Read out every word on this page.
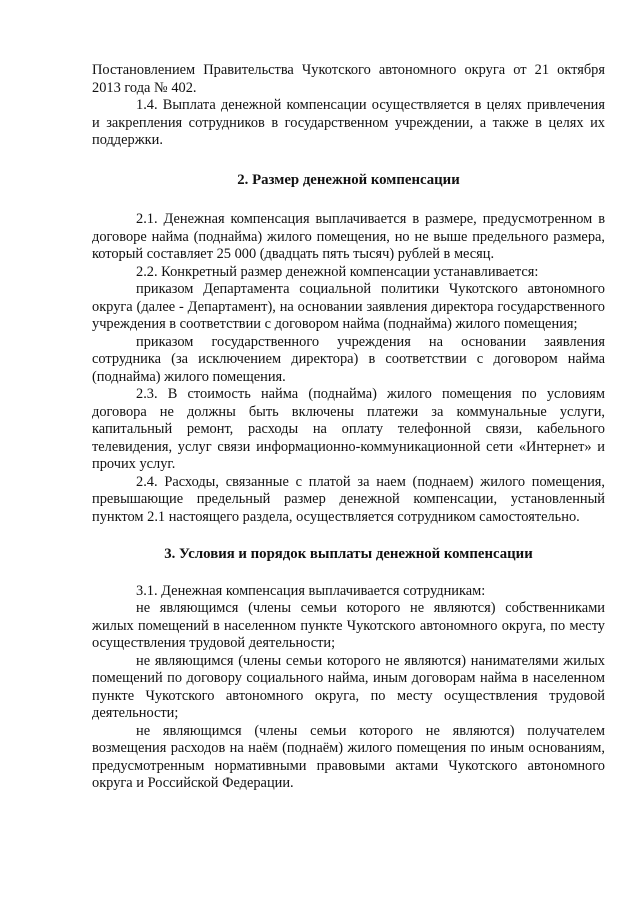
Постановлением Правительства Чукотского автономного округа от 21 октября 2013 года № 402.

1.4. Выплата денежной компенсации осуществляется в целях привлечения и закрепления сотрудников в государственном учреждении, а также в целях их поддержки.

2. Размер денежной компенсации

2.1. Денежная компенсация выплачивается в размере, предусмотренном в договоре найма (поднайма) жилого помещения, но не выше предельного размера, который составляет 25 000 (двадцать пять тысяч) рублей в месяц.

2.2. Конкретный размер денежной компенсации устанавливается:

приказом Департамента социальной политики Чукотского автономного округа (далее - Департамент), на основании заявления директора государственного учреждения в соответствии с договором найма (поднайма) жилого помещения;

приказом государственного учреждения на основании заявления сотрудника (за исключением директора) в соответствии с договором найма (поднайма) жилого помещения.

2.3. В стоимость найма (поднайма) жилого помещения по условиям договора не должны быть включены платежи за коммунальные услуги, капитальный ремонт, расходы на оплату телефонной связи, кабельного телевидения, услуг связи информационно-коммуникационной сети «Интернет» и прочих услуг.

2.4. Расходы, связанные с платой за наем (поднаем) жилого помещения, превышающие предельный размер денежной компенсации, установленный пунктом 2.1 настоящего раздела, осуществляется сотрудником самостоятельно.

3. Условия и порядок выплаты денежной компенсации

3.1. Денежная компенсация выплачивается сотрудникам:

не являющимся (члены семьи которого не являются) собственниками жилых помещений в населенном пункте Чукотского автономного округа, по месту осуществления трудовой деятельности;

не являющимся (члены семьи которого не являются) нанимателями жилых помещений по договору социального найма, иным договорам найма в населенном пункте Чукотского автономного округа, по месту осуществления трудовой деятельности;

не являющимся (члены семьи которого не являются) получателем возмещения расходов на наём (поднаём) жилого помещения по иным основаниям, предусмотренным нормативными правовыми актами Чукотского автономного округа и Российской Федерации.
